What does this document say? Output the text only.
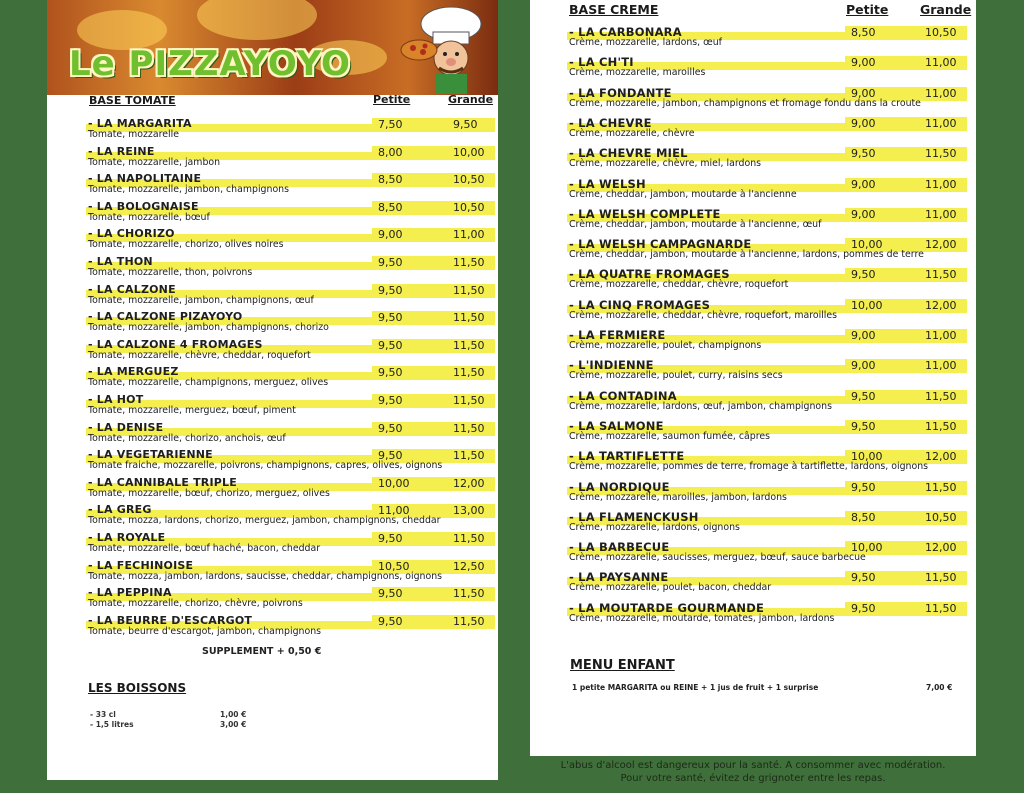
Le PIZZAYOYO
BASE TOMATE	Petite	Grande
- LA MARGARITA
Tomate, mozzarelle
7,50	9,50
- LA REINE
Tomate, mozzarelle, jambon
8,00	10,00
- LA NAPOLITAINE
Tomate, mozzarelle, jambon, champignons
8,50	10,50
- LA BOLOGNAISE
Tomate, mozzarelle, bœuf
8,50	10,50
- LA CHORIZO
Tomate, mozzarelle, chorizo, olives noires
9,00	11,00
- LA THON
Tomate, mozzarelle, thon, poivrons
9,50	11,50
- LA CALZONE
Tomate, mozzarelle, jambon, champignons, œuf
9,50	11,50
- LA CALZONE PIZAYOYO
Tomate, mozzarelle, jambon, champignons, chorizo
9,50	11,50
- LA CALZONE 4 FROMAGES
Tomate, mozzarelle, chèvre, cheddar, roquefort
9,50	11,50
- LA MERGUEZ
Tomate, mozzarelle, champignons, merguez, olives
9,50	11,50
- LA HOT
Tomate, mozzarelle, merguez, bœuf, piment
9,50	11,50
- LA DENISE
Tomate, mozzarelle, chorizo, anchois, œuf
9,50	11,50
- LA VEGETARIENNE
Tomate fraiche, mozzarelle, poivrons, champignons, capres, olives, oignons
9,50	11,50
- LA CANNIBALE TRIPLE
Tomate, mozzarelle, bœuf, chorizo, merguez, olives
10,00	12,00
- LA GREG
Tomate, mozza, lardons, chorizo, merguez, jambon, champignons, cheddar
11,00	13,00
- LA ROYALE
Tomate, mozzarelle, bœuf haché, bacon, cheddar
9,50	11,50
- LA FECHINOISE
Tomate, mozza, jambon, lardons, saucisse, cheddar, champignons, oignons
10,50	12,50
- LA PEPPINA
Tomate, mozzarelle, chorizo, chèvre, poivrons
9,50	11,50
- LA BEURRE D'ESCARGOT
Tomate, beurre d'escargot, jambon, champignons
9,50	11,50
SUPPLEMENT + 0,50 €
LES BOISSONS
- 33 cl	1,00 €
- 1,5 litres	3,00 €
BASE CREME	Petite	Grande
- LA CARBONARA
Crème, mozzarelle, lardons, œuf
8,50	10,50
- LA CH'TI
Crème, mozzarelle, maroilles
9,00	11,00
- LA FONDANTE
Crème, mozzarelle, jambon, champignons et fromage fondu dans la croute
9,00	11,00
- LA CHEVRE
Crème, mozzarelle, chèvre
9,00	11,00
- LA CHEVRE MIEL
Crème, mozzarelle, chèvre, miel, lardons
9,50	11,50
- LA WELSH
Crème, cheddar, jambon, moutarde à l'ancienne
9,00	11,00
- LA WELSH COMPLETE
Crème, cheddar, jambon, moutarde à l'ancienne, œuf
9,00	11,00
- LA WELSH CAMPAGNARDE
Crème, cheddar, jambon, moutarde à l'ancienne, lardons, pommes de terre
10,00	12,00
- LA QUATRE FROMAGES
Crème, mozzarelle, cheddar, chèvre, roquefort
9,50	11,50
- LA CINQ FROMAGES
Crème, mozzarelle, cheddar, chèvre, roquefort, maroilles
10,00	12,00
- LA FERMIERE
Crème, mozzarelle, poulet, champignons
9,00	11,00
- L'INDIENNE
Crème, mozzarelle, poulet, curry, raisins secs
9,00	11,00
- LA CONTADINA
Crème, mozzarelle, lardons, œuf, jambon, champignons
9,50	11,50
- LA SALMONE
Crème, mozzarelle, saumon fumée, câpres
9,50	11,50
- LA TARTIFLETTE
Crème, mozzarelle, pommes de terre, fromage à tartiflette, lardons, oignons
10,00	12,00
- LA NORDIQUE
Crème, mozzarelle, maroilles, jambon, lardons
9,50	11,50
- LA FLAMENCKUSH
Crème, mozzarelle, lardons, oignons
8,50	10,50
- LA BARBECUE
Crème, mozzarelle, saucisses, merguez, bœuf, sauce barbecue
10,00	12,00
- LA PAYSANNE
Crème, mozzarelle, poulet, bacon, cheddar
9,50	11,50
- LA MOUTARDE GOURMANDE
Crème, mozzarelle, moutarde, tomates, jambon, lardons
9,50	11,50
MENU ENFANT
1 petite MARGARITA ou REINE + 1 jus de fruit + 1 surprise	7,00 €
L'abus d'alcool est dangereux pour la santé. A consommer avec modération.
Pour votre santé, évitez de grignoter entre les repas.
